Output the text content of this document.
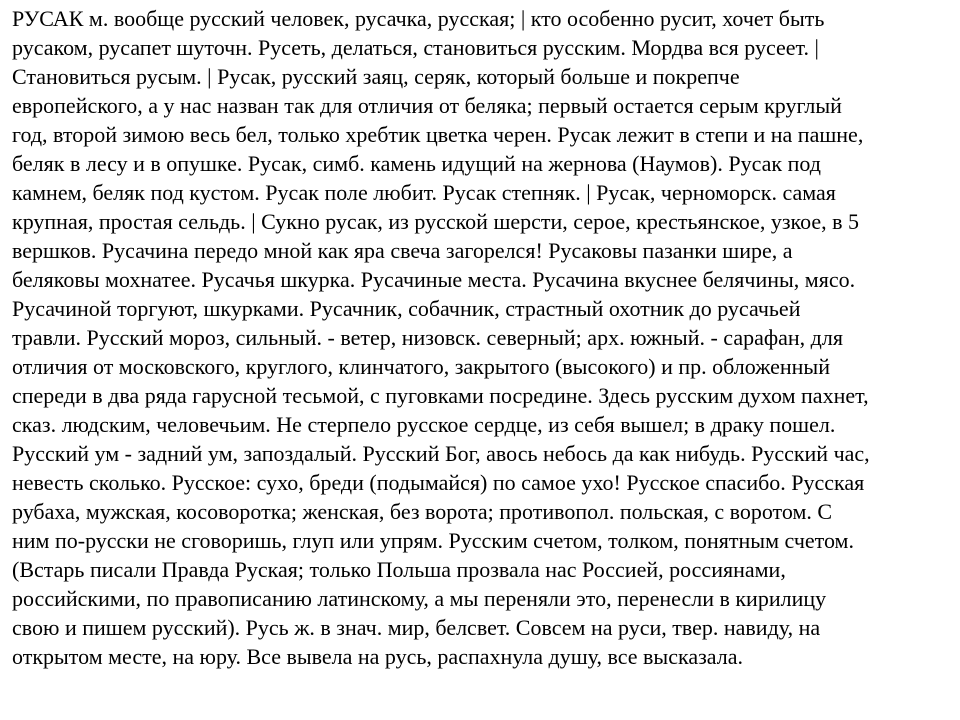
РУСАК м. вообще русский человек, русачка, русская; | кто особенно русит, хочет быть
русаком, русапет шуточн. Русеть, делаться, становиться русским. Мордва вся русеет. |
Становиться русым. | Русак, русский заяц, серяк, который больше и покрепче
европейского, а у нас назван так для отличия от беляка; первый остается серым круглый
год, второй зимою весь бел, только хребтик цветка черен. Русак лежит в степи и на пашне,
беляк в лесу и в опушке. Русак, симб. камень идущий на жернова (Наумов). Русак под
камнем, беляк под кустом. Русак поле любит. Русак степняк. | Русак, черноморск. самая
крупная, простая сельдь. | Сукно русак, из русской шерсти, серое, крестьянское, узкое, в 5
вершков. Русачина передо мной как яра свеча загорелся! Русаковы пазанки шире, а
беляковы мохнатее. Русачья шкурка. Русачиные места. Русачина вкуснее белячины, мясо.
Русачиной торгуют, шкурками. Русачник, собачник, страстный охотник до русачьей
травли. Русский мороз, сильный. - ветер, низовск. северный; арх. южный. - сарафан, для
отличия от московского, круглого, клинчатого, закрытого (высокого) и пр. обложенный
спереди в два ряда гарусной тесьмой, с пуговками посредине. Здесь русским духом пахнет,
сказ. людским, человечьим. Не стерпело русское сердце, из себя вышел; в драку пошел.
Русский ум - задний ум, запоздалый. Русский Бог, авось небось да как нибудь. Русский час,
невесть сколько. Русское: сухо, бреди (подымайся) по самое ухо! Русское спасибо. Русская
рубаха, мужская, косоворотка; женская, без ворота; противопол. польская, с воротом. С
ним по-русски не сговоришь, глуп или упрям. Русским счетом, толком, понятным счетом.
(Встарь писали Правда Руская; только Польша прозвала нас Россией, россиянами,
российскими, по правописанию латинскому, а мы переняли это, перенесли в кирилицу
свою и пишем русский). Русь ж. в знач. мир, белсвет. Совсем на руси, твер. навиду, на
открытом месте, на юру. Все вывела на русь, распахнула душу, все высказала.
